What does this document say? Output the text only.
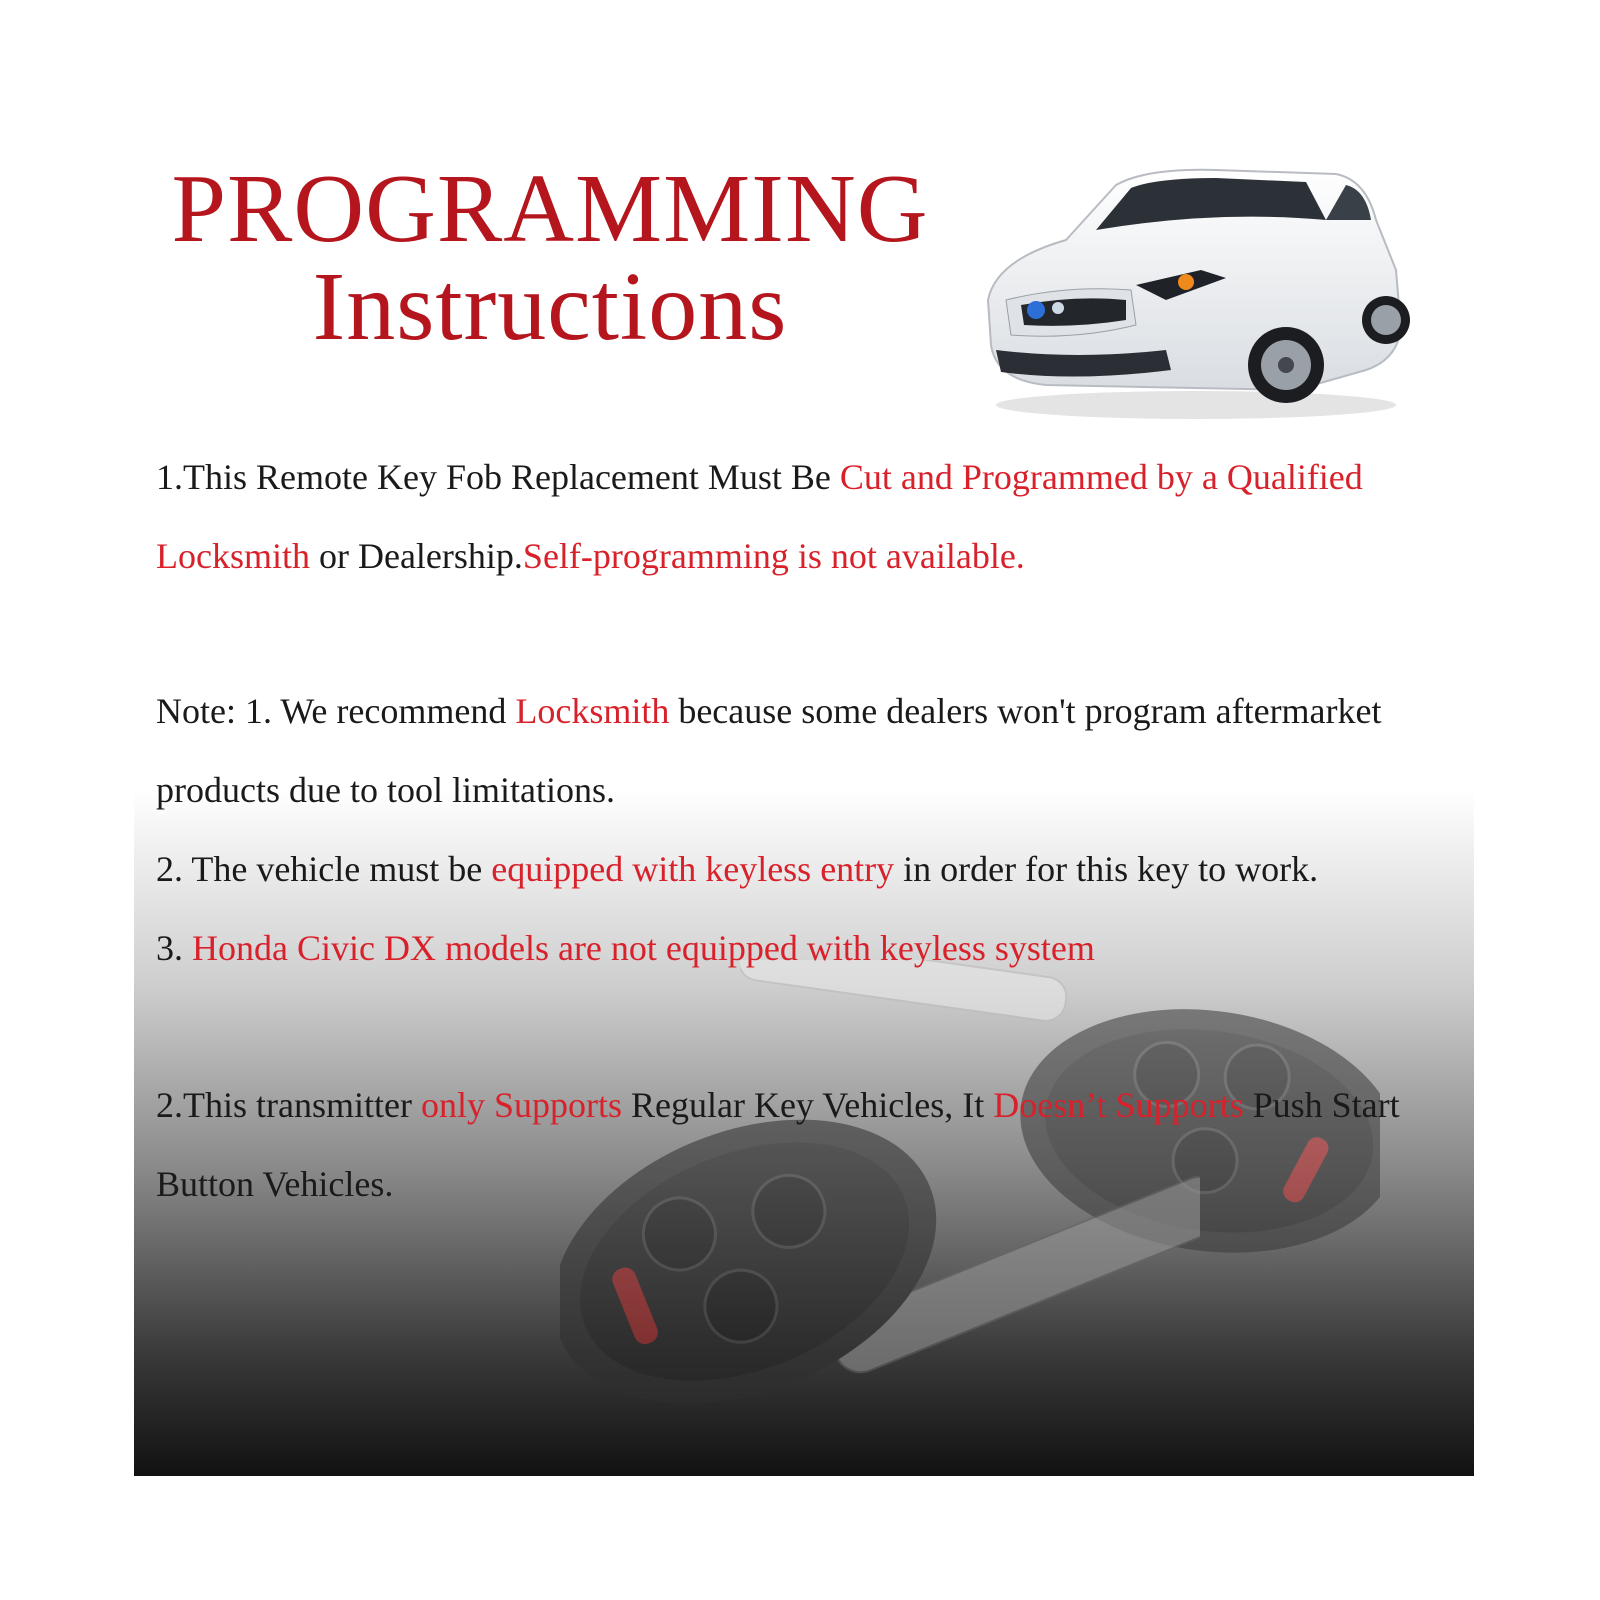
PROGRAMMING
Instructions
1.This Remote Key Fob Replacement Must Be Cut and Programmed by a Qualified Locksmith or Dealership.Self-programming is not available.
Note: 1. We recommend Locksmith because some dealers won't program aftermarket products due to tool limitations.
2. The vehicle must be equipped with keyless entry in order for this key to work.
3. Honda Civic DX models are not equipped with keyless system
2.This transmitter only Supports Regular Key Vehicles, It Doesn’t Supports Push Start Button Vehicles.
